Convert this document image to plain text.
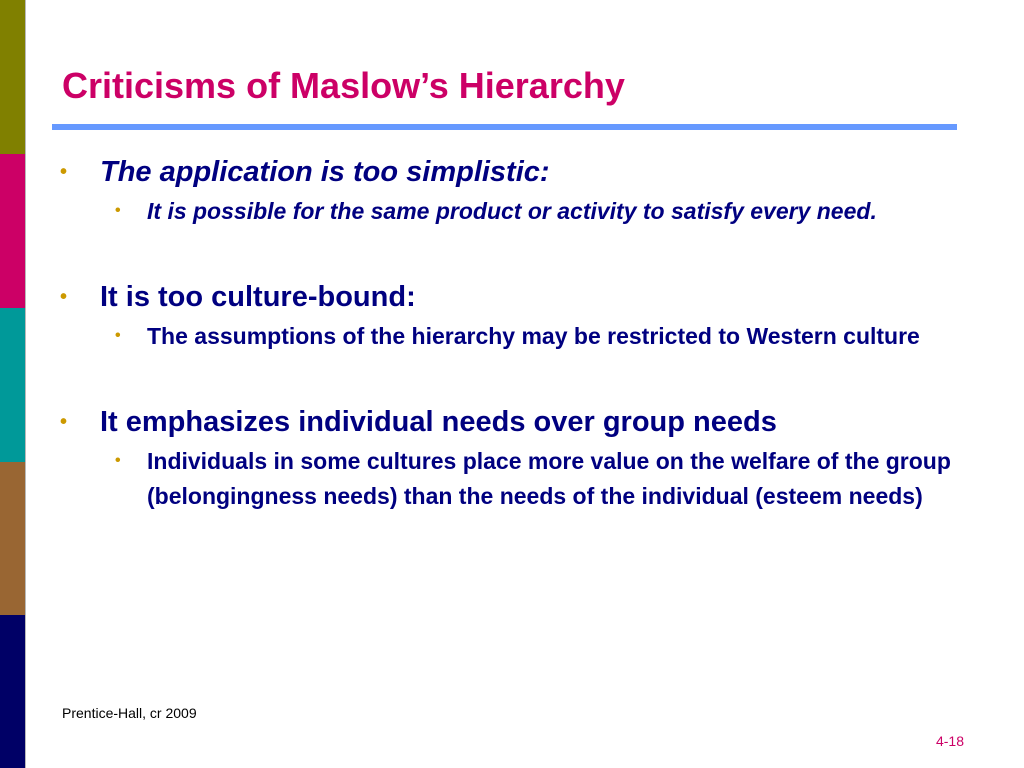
Criticisms of Maslow’s Hierarchy
• The application is too simplistic:
• It is possible for the same product or activity to satisfy every need.
• It is too culture-bound:
• The assumptions of the hierarchy may be restricted to Western culture
• It emphasizes individual needs over group needs
• Individuals in some cultures place more value on the welfare of the group (belongingness needs) than the needs of the individual (esteem needs)
Prentice-Hall, cr 2009
4-18
